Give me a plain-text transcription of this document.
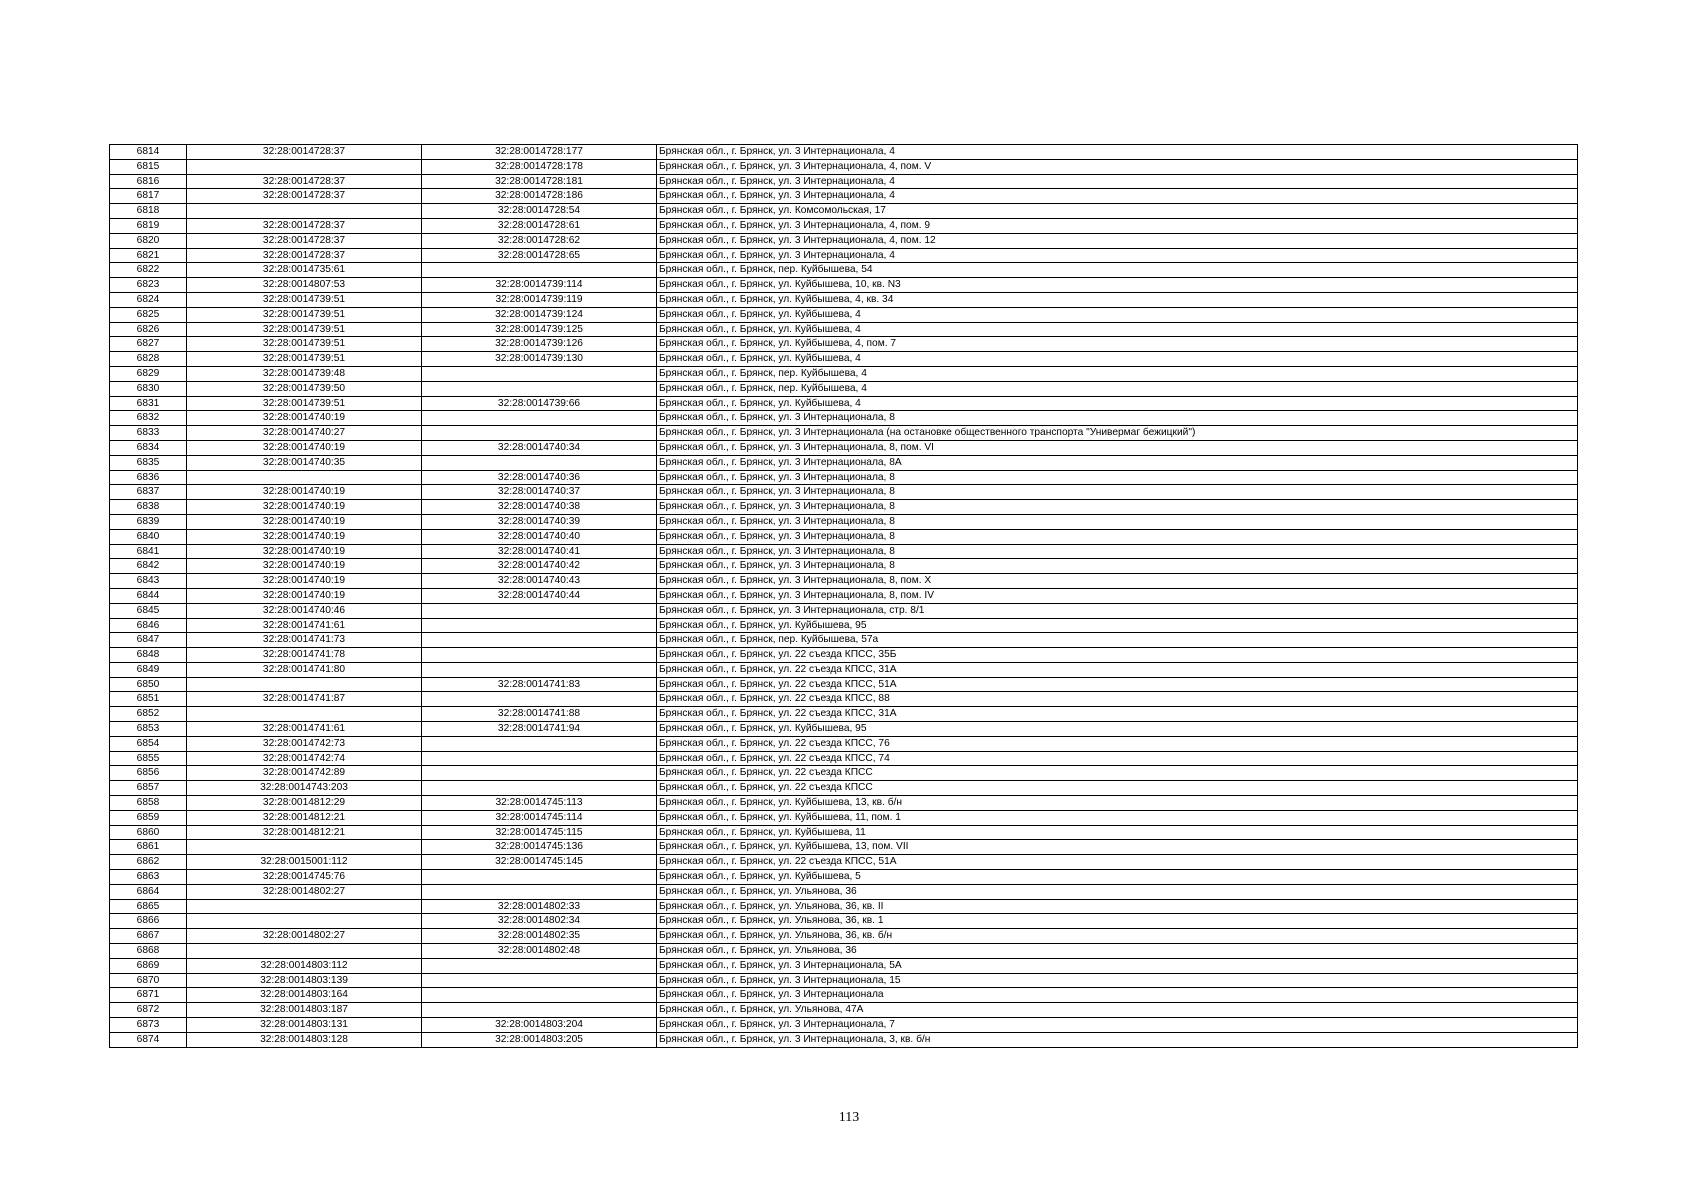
6814	32:28:0014728:37	32:28:0014728:177	Брянская обл., г. Брянск, ул. 3 Интернационала, 4
6815		32:28:0014728:178	Брянская обл., г. Брянск, ул. 3 Интернационала, 4, пом. V
6816	32:28:0014728:37	32:28:0014728:181	Брянская обл., г. Брянск, ул. 3 Интернационала, 4
6817	32:28:0014728:37	32:28:0014728:186	Брянская обл., г. Брянск, ул. 3 Интернационала, 4
6818		32:28:0014728:54	Брянская обл., г. Брянск, ул. Комсомольская, 17
6819	32:28:0014728:37	32:28:0014728:61	Брянская обл., г. Брянск, ул. 3 Интернационала, 4, пом. 9
6820	32:28:0014728:37	32:28:0014728:62	Брянская обл., г. Брянск, ул. 3 Интернационала, 4, пом. 12
6821	32:28:0014728:37	32:28:0014728:65	Брянская обл., г. Брянск, ул. 3 Интернационала, 4
6822	32:28:0014735:61		Брянская обл., г. Брянск, пер. Куйбышева, 54
6823	32:28:0014807:53	32:28:0014739:114	Брянская обл., г. Брянск, ул. Куйбышева, 10, кв. N3
6824	32:28:0014739:51	32:28:0014739:119	Брянская обл., г. Брянск, ул. Куйбышева, 4, кв. 34
6825	32:28:0014739:51	32:28:0014739:124	Брянская обл., г. Брянск, ул. Куйбышева, 4
6826	32:28:0014739:51	32:28:0014739:125	Брянская обл., г. Брянск, ул. Куйбышева, 4
6827	32:28:0014739:51	32:28:0014739:126	Брянская обл., г. Брянск, ул. Куйбышева, 4, пом. 7
6828	32:28:0014739:51	32:28:0014739:130	Брянская обл., г. Брянск, ул. Куйбышева, 4
6829	32:28:0014739:48		Брянская обл., г. Брянск, пер. Куйбышева, 4
6830	32:28:0014739:50		Брянская обл., г. Брянск, пер. Куйбышева, 4
6831	32:28:0014739:51	32:28:0014739:66	Брянская обл., г. Брянск, ул. Куйбышева, 4
6832	32:28:0014740:19		Брянская обл., г. Брянск, ул. 3 Интернационала, 8
6833	32:28:0014740:27		Брянская обл., г. Брянск, ул. 3 Интернационала (на остановке общественного транспорта "Универмаг бежицкий")
6834	32:28:0014740:19	32:28:0014740:34	Брянская обл., г. Брянск, ул. 3 Интернационала, 8, пом. VI
6835	32:28:0014740:35		Брянская обл., г. Брянск, ул. 3 Интернационала, 8А
6836		32:28:0014740:36	Брянская обл., г. Брянск, ул. 3 Интернационала, 8
6837	32:28:0014740:19	32:28:0014740:37	Брянская обл., г. Брянск, ул. 3 Интернационала, 8
6838	32:28:0014740:19	32:28:0014740:38	Брянская обл., г. Брянск, ул. 3 Интернационала, 8
6839	32:28:0014740:19	32:28:0014740:39	Брянская обл., г. Брянск, ул. 3 Интернационала, 8
6840	32:28:0014740:19	32:28:0014740:40	Брянская обл., г. Брянск, ул. 3 Интернационала, 8
6841	32:28:0014740:19	32:28:0014740:41	Брянская обл., г. Брянск, ул. 3 Интернационала, 8
6842	32:28:0014740:19	32:28:0014740:42	Брянская обл., г. Брянск, ул. 3 Интернационала, 8
6843	32:28:0014740:19	32:28:0014740:43	Брянская обл., г. Брянск, ул. 3 Интернационала, 8, пом. X
6844	32:28:0014740:19	32:28:0014740:44	Брянская обл., г. Брянск, ул. 3 Интернационала, 8, пом. IV
6845	32:28:0014740:46		Брянская обл., г. Брянск, ул. 3 Интернационала, стр. 8/1
6846	32:28:0014741:61		Брянская обл., г. Брянск, ул. Куйбышева, 95
6847	32:28:0014741:73		Брянская обл., г. Брянск, пер. Куйбышева, 57а
6848	32:28:0014741:78		Брянская обл., г. Брянск, ул. 22 съезда КПСС, 35Б
6849	32:28:0014741:80		Брянская обл., г. Брянск, ул. 22 съезда КПСС, 31А
6850		32:28:0014741:83	Брянская обл., г. Брянск, ул. 22 съезда КПСС, 51А
6851	32:28:0014741:87		Брянская обл., г. Брянск, ул. 22 съезда КПСС, 88
6852		32:28:0014741:88	Брянская обл., г. Брянск, ул. 22 съезда КПСС, 31А
6853	32:28:0014741:61	32:28:0014741:94	Брянская обл., г. Брянск, ул. Куйбышева, 95
6854	32:28:0014742:73		Брянская обл., г. Брянск, ул. 22 съезда КПСС, 76
6855	32:28:0014742:74		Брянская обл., г. Брянск, ул. 22 съезда КПСС, 74
6856	32:28:0014742:89		Брянская обл., г. Брянск, ул. 22 съезда КПСС
6857	32:28:0014743:203		Брянская обл., г. Брянск, ул. 22 съезда КПСС
6858	32:28:0014812:29	32:28:0014745:113	Брянская обл., г. Брянск, ул. Куйбышева, 13, кв. б/н
6859	32:28:0014812:21	32:28:0014745:114	Брянская обл., г. Брянск, ул. Куйбышева, 11, пом. 1
6860	32:28:0014812:21	32:28:0014745:115	Брянская обл., г. Брянск, ул. Куйбышева, 11
6861		32:28:0014745:136	Брянская обл., г. Брянск, ул. Куйбышева, 13, пом. VII
6862	32:28:0015001:112	32:28:0014745:145	Брянская обл., г. Брянск, ул. 22 съезда КПСС, 51А
6863	32:28:0014745:76		Брянская обл., г. Брянск, ул. Куйбышева, 5
6864	32:28:0014802:27		Брянская обл., г. Брянск, ул. Ульянова, 36
6865		32:28:0014802:33	Брянская обл., г. Брянск, ул. Ульянова, 36, кв. II
6866		32:28:0014802:34	Брянская обл., г. Брянск, ул. Ульянова, 36, кв. 1
6867	32:28:0014802:27	32:28:0014802:35	Брянская обл., г. Брянск, ул. Ульянова, 36, кв. б/н
6868		32:28:0014802:48	Брянская обл., г. Брянск, ул. Ульянова, 36
6869	32:28:0014803:112		Брянская обл., г. Брянск, ул. 3 Интернационала, 5А
6870	32:28:0014803:139		Брянская обл., г. Брянск, ул. 3 Интернационала, 15
6871	32:28:0014803:164		Брянская обл., г. Брянск, ул. 3 Интернационала
6872	32:28:0014803:187		Брянская обл., г. Брянск, ул. Ульянова, 47А
6873	32:28:0014803:131	32:28:0014803:204	Брянская обл., г. Брянск, ул. 3 Интернационала, 7
6874	32:28:0014803:128	32:28:0014803:205	Брянская обл., г. Брянск, ул. 3 Интернационала, 3, кв. б/н
113
